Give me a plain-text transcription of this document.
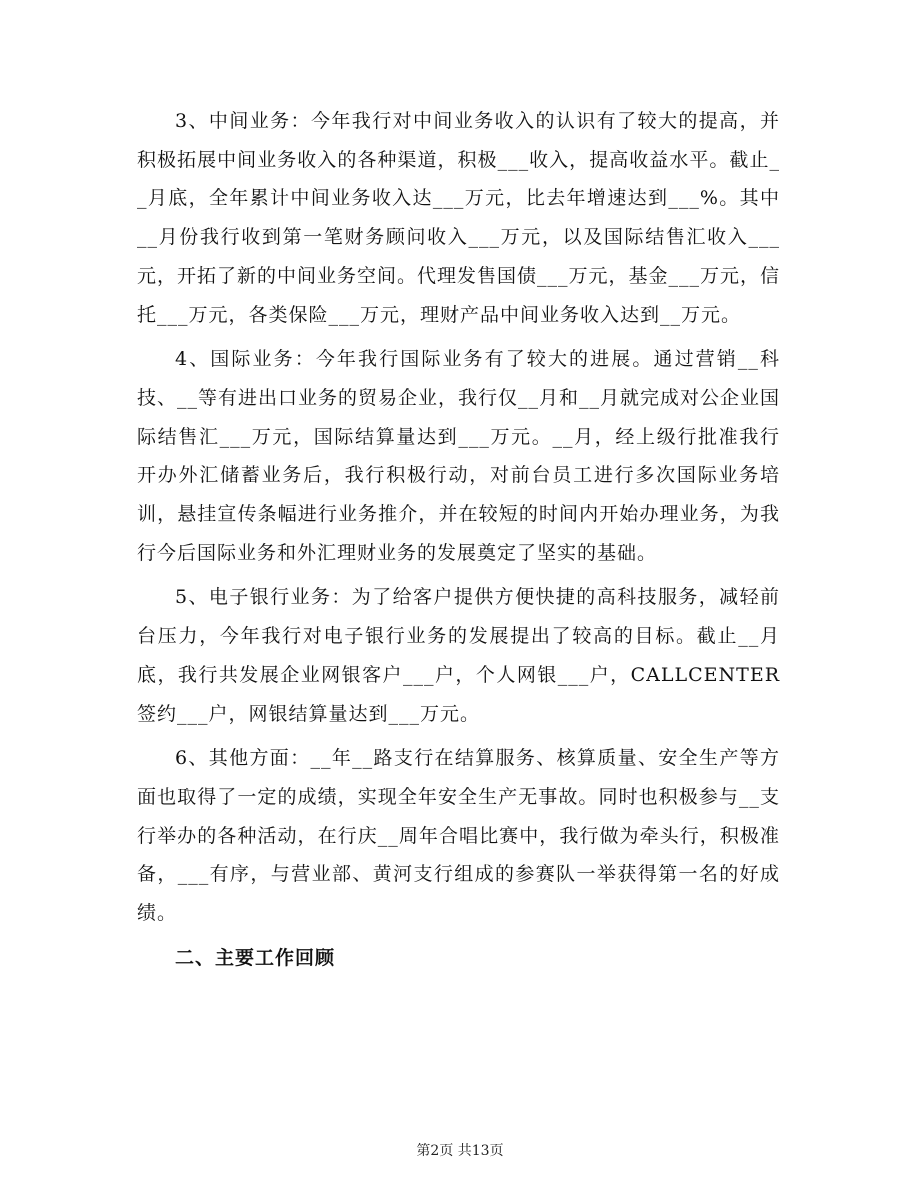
3、中间业务：今年我行对中间业务收入的认识有了较大的提高，并积极拓展中间业务收入的各种渠道，积极___收入，提高收益水平。截止__月底，全年累计中间业务收入达___万元，比去年增速达到___%。其中__月份我行收到第一笔财务顾问收入___万元，以及国际结售汇收入___元，开拓了新的中间业务空间。代理发售国债___万元，基金___万元，信托___万元，各类保险___万元，理财产品中间业务收入达到__万元。

4、国际业务：今年我行国际业务有了较大的进展。通过营销__科技、__等有进出口业务的贸易企业，我行仅__月和__月就完成对公企业国际结售汇___万元，国际结算量达到___万元。__月，经上级行批准我行开办外汇储蓄业务后，我行积极行动，对前台员工进行多次国际业务培训，悬挂宣传条幅进行业务推介，并在较短的时间内开始办理业务，为我行今后国际业务和外汇理财业务的发展奠定了坚实的基础。

5、电子银行业务：为了给客户提供方便快捷的高科技服务，减轻前台压力，今年我行对电子银行业务的发展提出了较高的目标。截止__月底，我行共发展企业网银客户___户，个人网银___户，CALLCENTER签约___户，网银结算量达到___万元。

6、其他方面：__年__路支行在结算服务、核算质量、安全生产等方面也取得了一定的成绩，实现全年安全生产无事故。同时也积极参与__支行举办的各种活动，在行庆__周年合唱比赛中，我行做为牵头行，积极准备，___有序，与营业部、黄河支行组成的参赛队一举获得第一名的好成绩。

二、主要工作回顾

第2页 共13页
